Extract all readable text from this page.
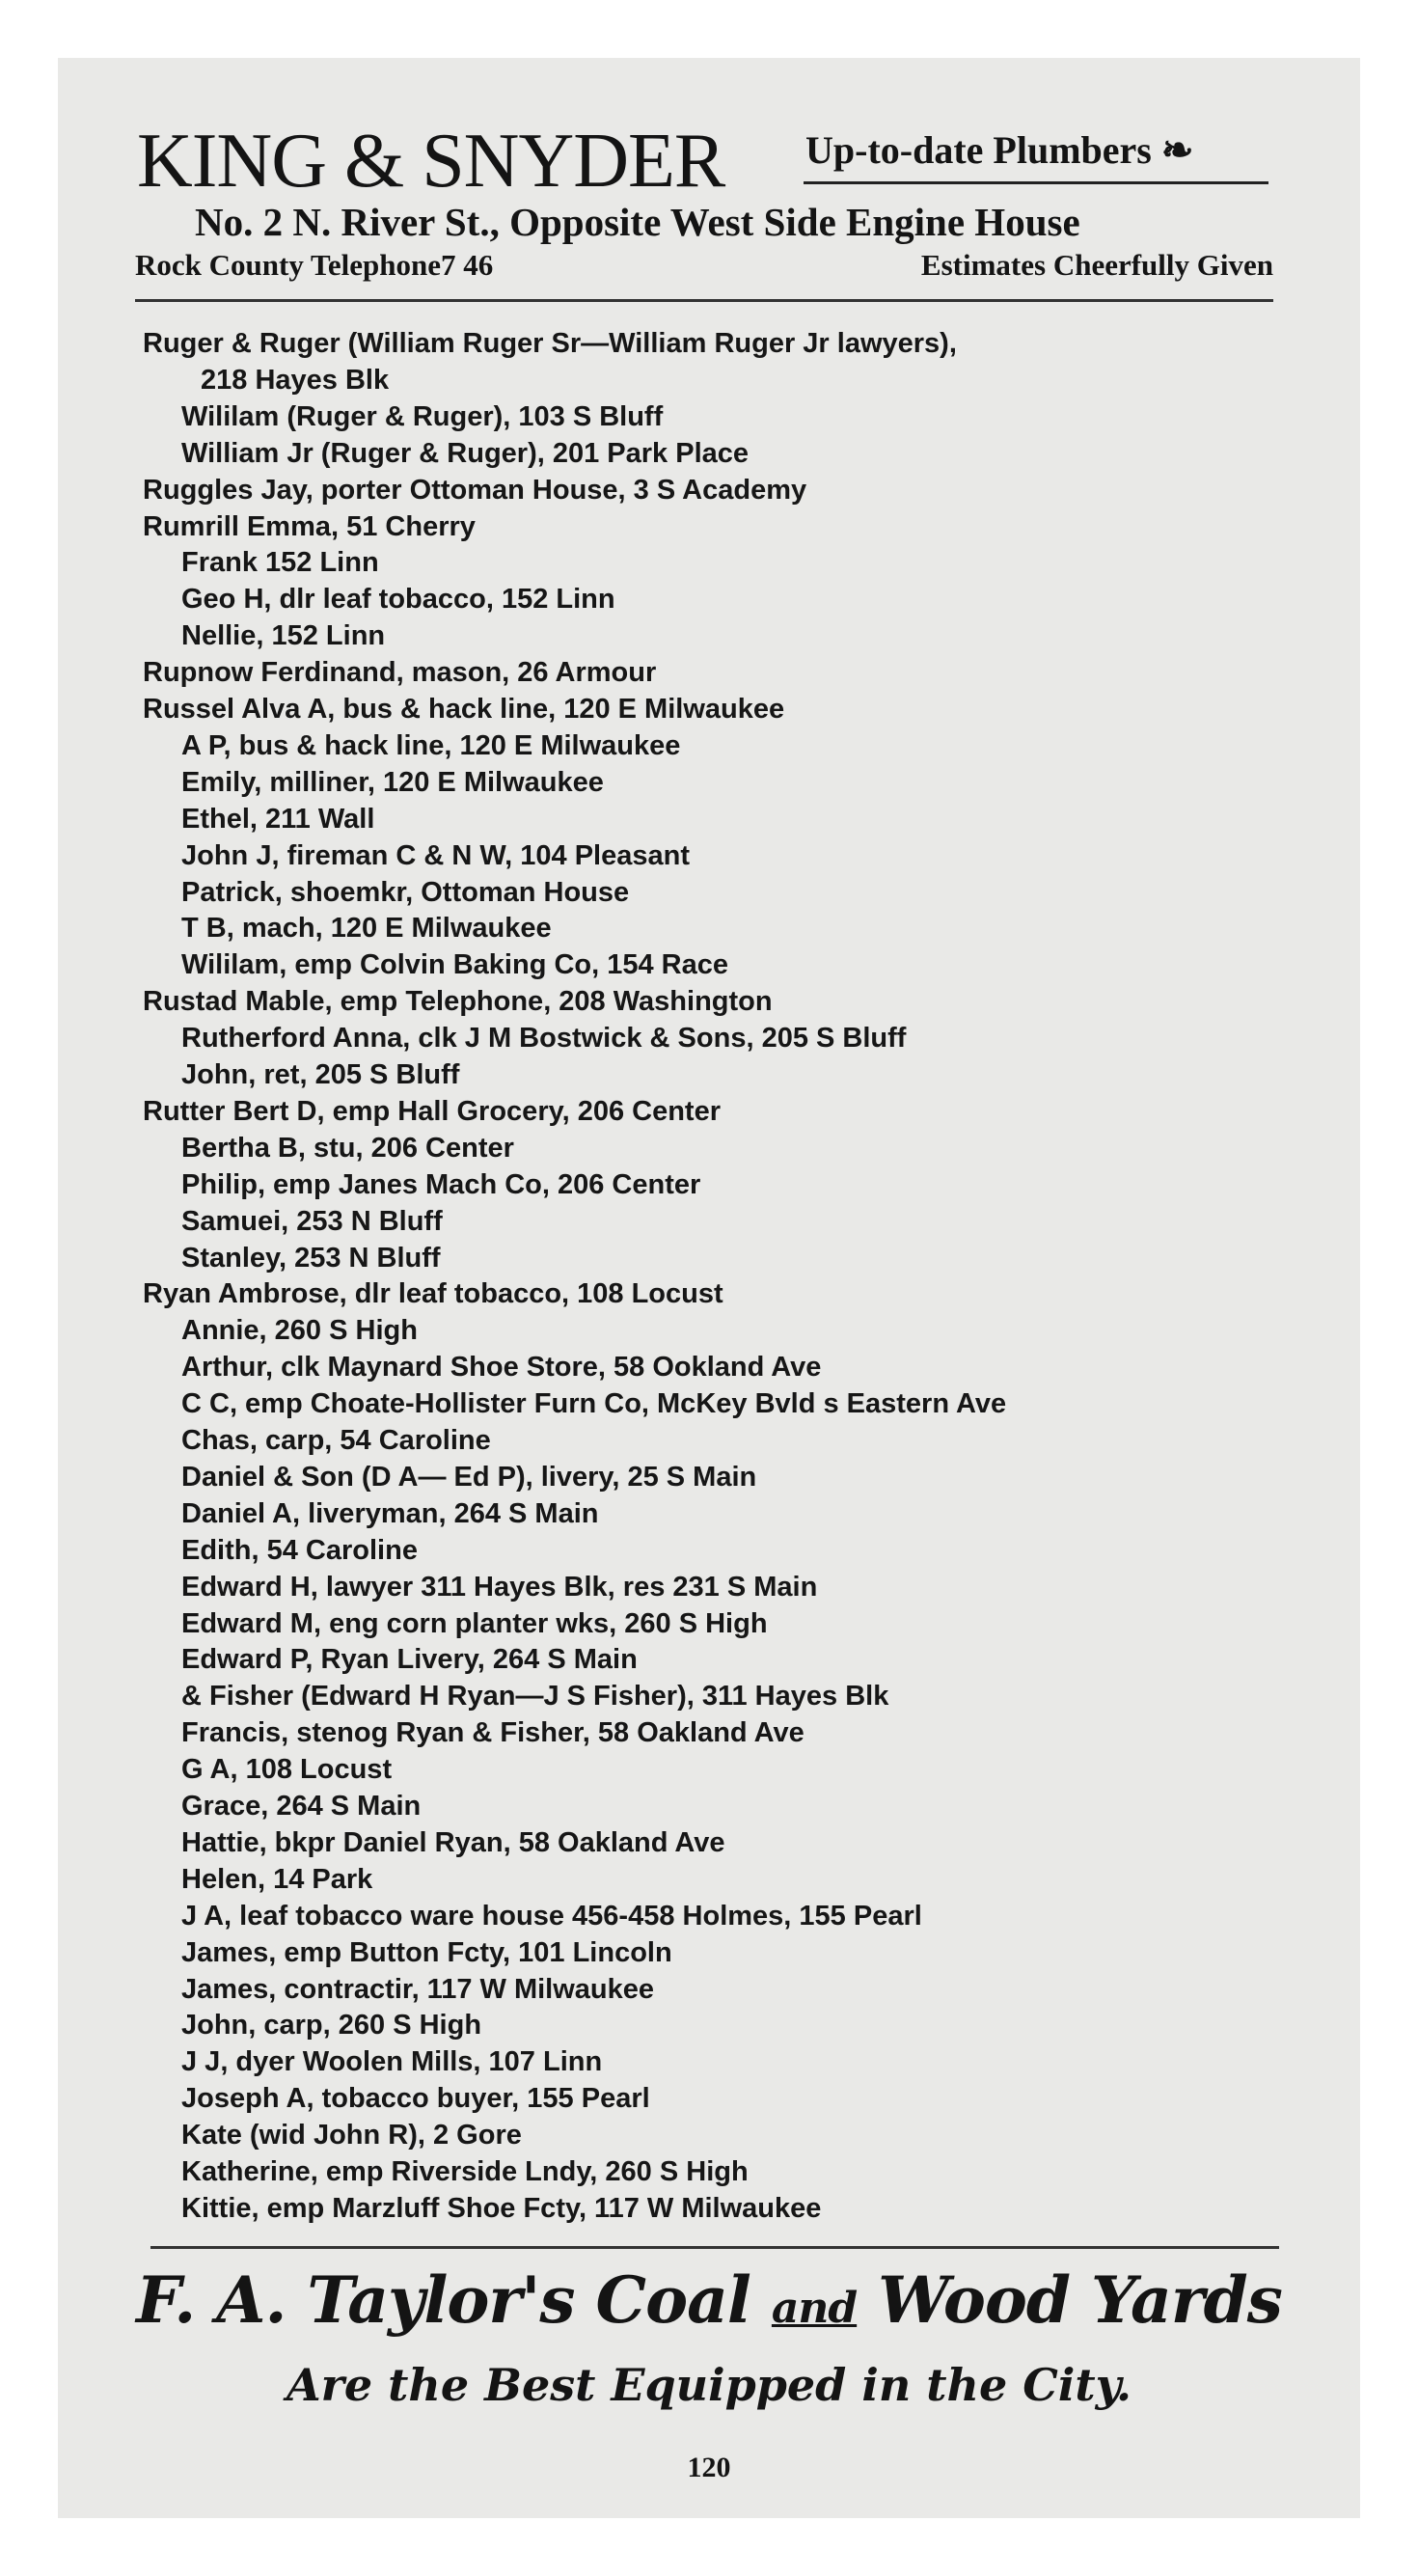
KING & SNYDER Up-to-date Plumbers ❧
No. 2 N. River St., Opposite West Side Engine House
Rock County Telephone7 46	Estimates Cheerfully Given
Ruger & Ruger (William Ruger Sr—William Ruger Jr lawyers),
218 Hayes Blk
Wililam (Ruger & Ruger), 103 S Bluff
William Jr (Ruger & Ruger), 201 Park Place
Ruggles Jay, porter Ottoman House, 3 S Academy
Rumrill Emma, 51 Cherry
Frank 152 Linn
Geo H, dlr leaf tobacco, 152 Linn
Nellie, 152 Linn
Rupnow Ferdinand, mason, 26 Armour
Russel Alva A, bus & hack line, 120 E Milwaukee
A P, bus & hack line, 120 E Milwaukee
Emily, milliner, 120 E Milwaukee
Ethel, 211 Wall
John J, fireman C & N W, 104 Pleasant
Patrick, shoemkr, Ottoman House
T B, mach, 120 E Milwaukee
Wililam, emp Colvin Baking Co, 154 Race
Rustad Mable, emp Telephone, 208 Washington
Rutherford Anna, clk J M Bostwick & Sons, 205 S Bluff
John, ret, 205 S Bluff
Rutter Bert D, emp Hall Grocery, 206 Center
Bertha B, stu, 206 Center
Philip, emp Janes Mach Co, 206 Center
Samuei, 253 N Bluff
Stanley, 253 N Bluff
Ryan Ambrose, dlr leaf tobacco, 108 Locust
Annie, 260 S High
Arthur, clk Maynard Shoe Store, 58 Ookland Ave
C C, emp Choate-Hollister Furn Co, McKey Bvld s Eastern Ave
Chas, carp, 54 Caroline
Daniel & Son (D A— Ed P), livery, 25 S Main
Daniel A, liveryman, 264 S Main
Edith, 54 Caroline
Edward H, lawyer 311 Hayes Blk, res 231 S Main
Edward M, eng corn planter wks, 260 S High
Edward P, Ryan Livery, 264 S Main
& Fisher (Edward H Ryan—J S Fisher), 311 Hayes Blk
Francis, stenog Ryan & Fisher, 58 Oakland Ave
G A, 108 Locust
Grace, 264 S Main
Hattie, bkpr Daniel Ryan, 58 Oakland Ave
Helen, 14 Park
J A, leaf tobacco ware house 456-458 Holmes, 155 Pearl
James, emp Button Fcty, 101 Lincoln
James, contractir, 117 W Milwaukee
John, carp, 260 S High
J J, dyer Woolen Mills, 107 Linn
Joseph A, tobacco buyer, 155 Pearl
Kate (wid John R), 2 Gore
Katherine, emp Riverside Lndy, 260 S High
Kittie, emp Marzluff Shoe Fcty, 117 W Milwaukee
F. A. Taylor's Coal and Wood Yards
Are the Best Equipped in the City.
120
